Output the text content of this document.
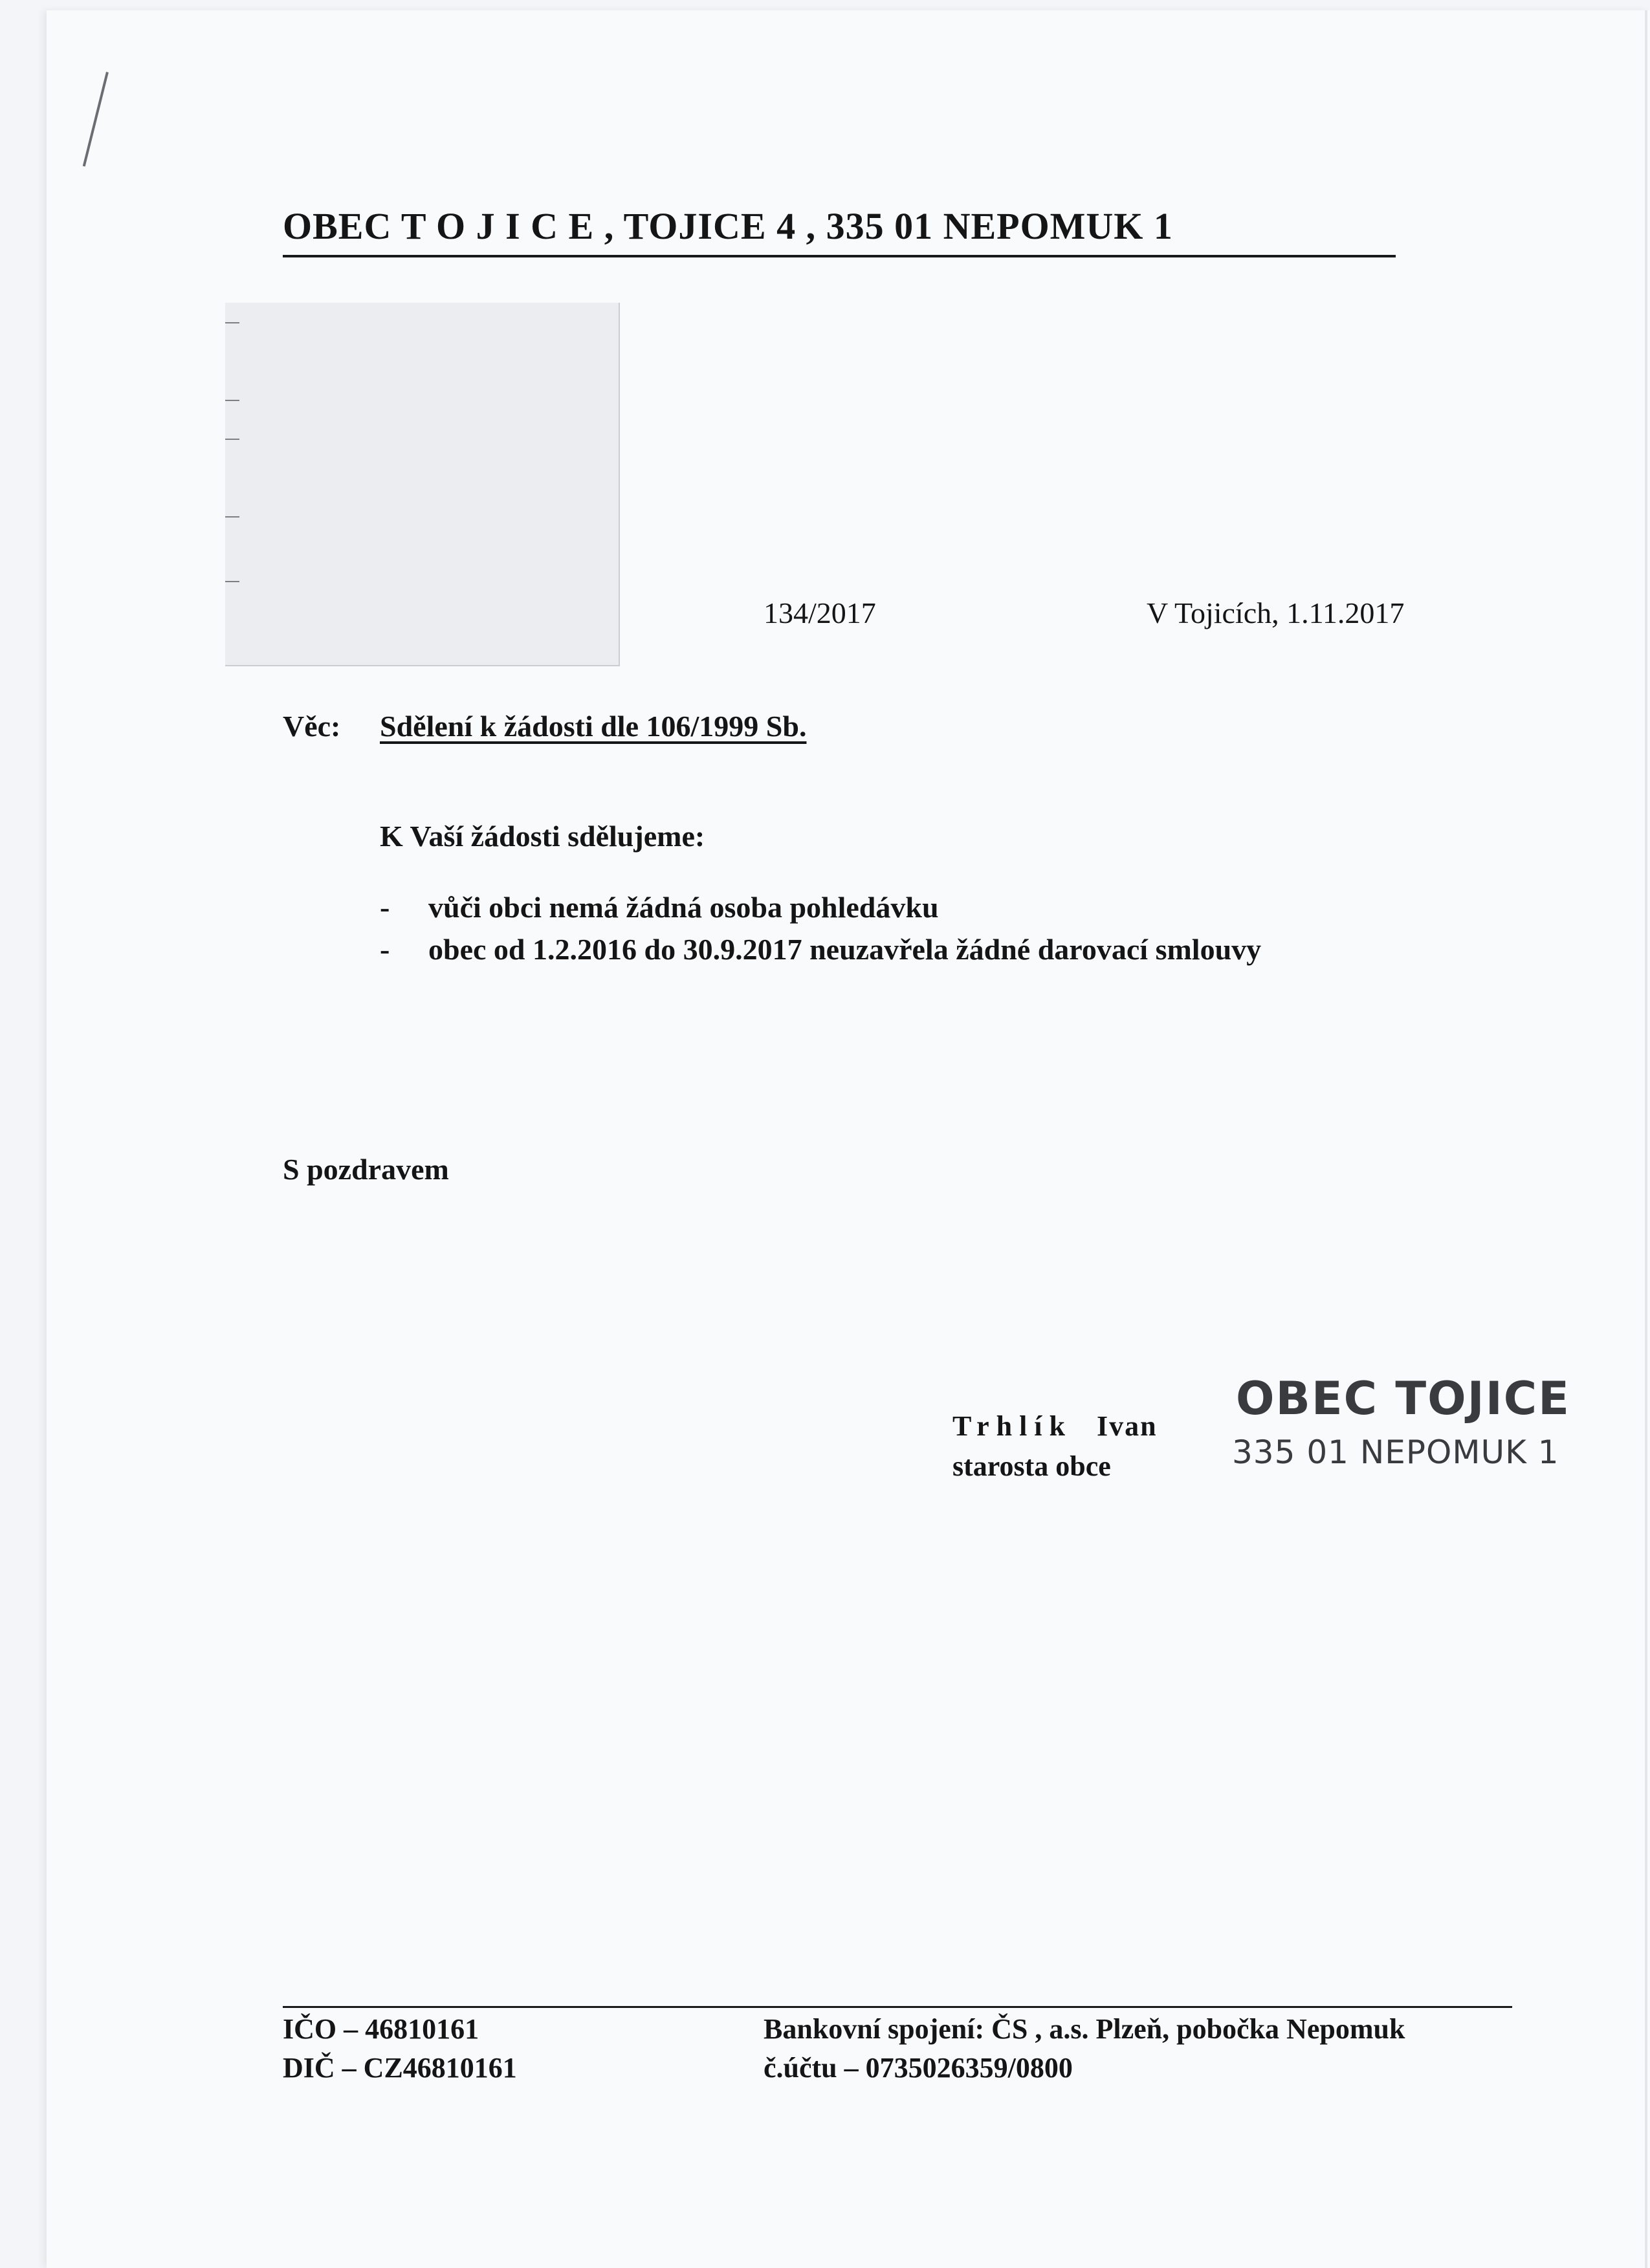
OBEC T O J I C E , TOJICE 4 , 335 01 NEPOMUK 1
134/2017	V Tojicích, 1.11.2017
Věc: Sdělení k žádosti dle 106/1999 Sb.
K Vaší žádosti sdělujeme:
- vůči obci nemá žádná osoba pohledávku
- obec od 1.2.2016 do 30.9.2017 neuzavřela žádné darovací smlouvy
S pozdravem
Trhlík Ivan
starosta obce
OBEC TOJICE
335 01 NEPOMUK 1
IČO – 46810161
DIČ – CZ46810161
Bankovní spojení: ČS , a.s. Plzeň, pobočka Nepomuk
č.účtu – 0735026359/0800
